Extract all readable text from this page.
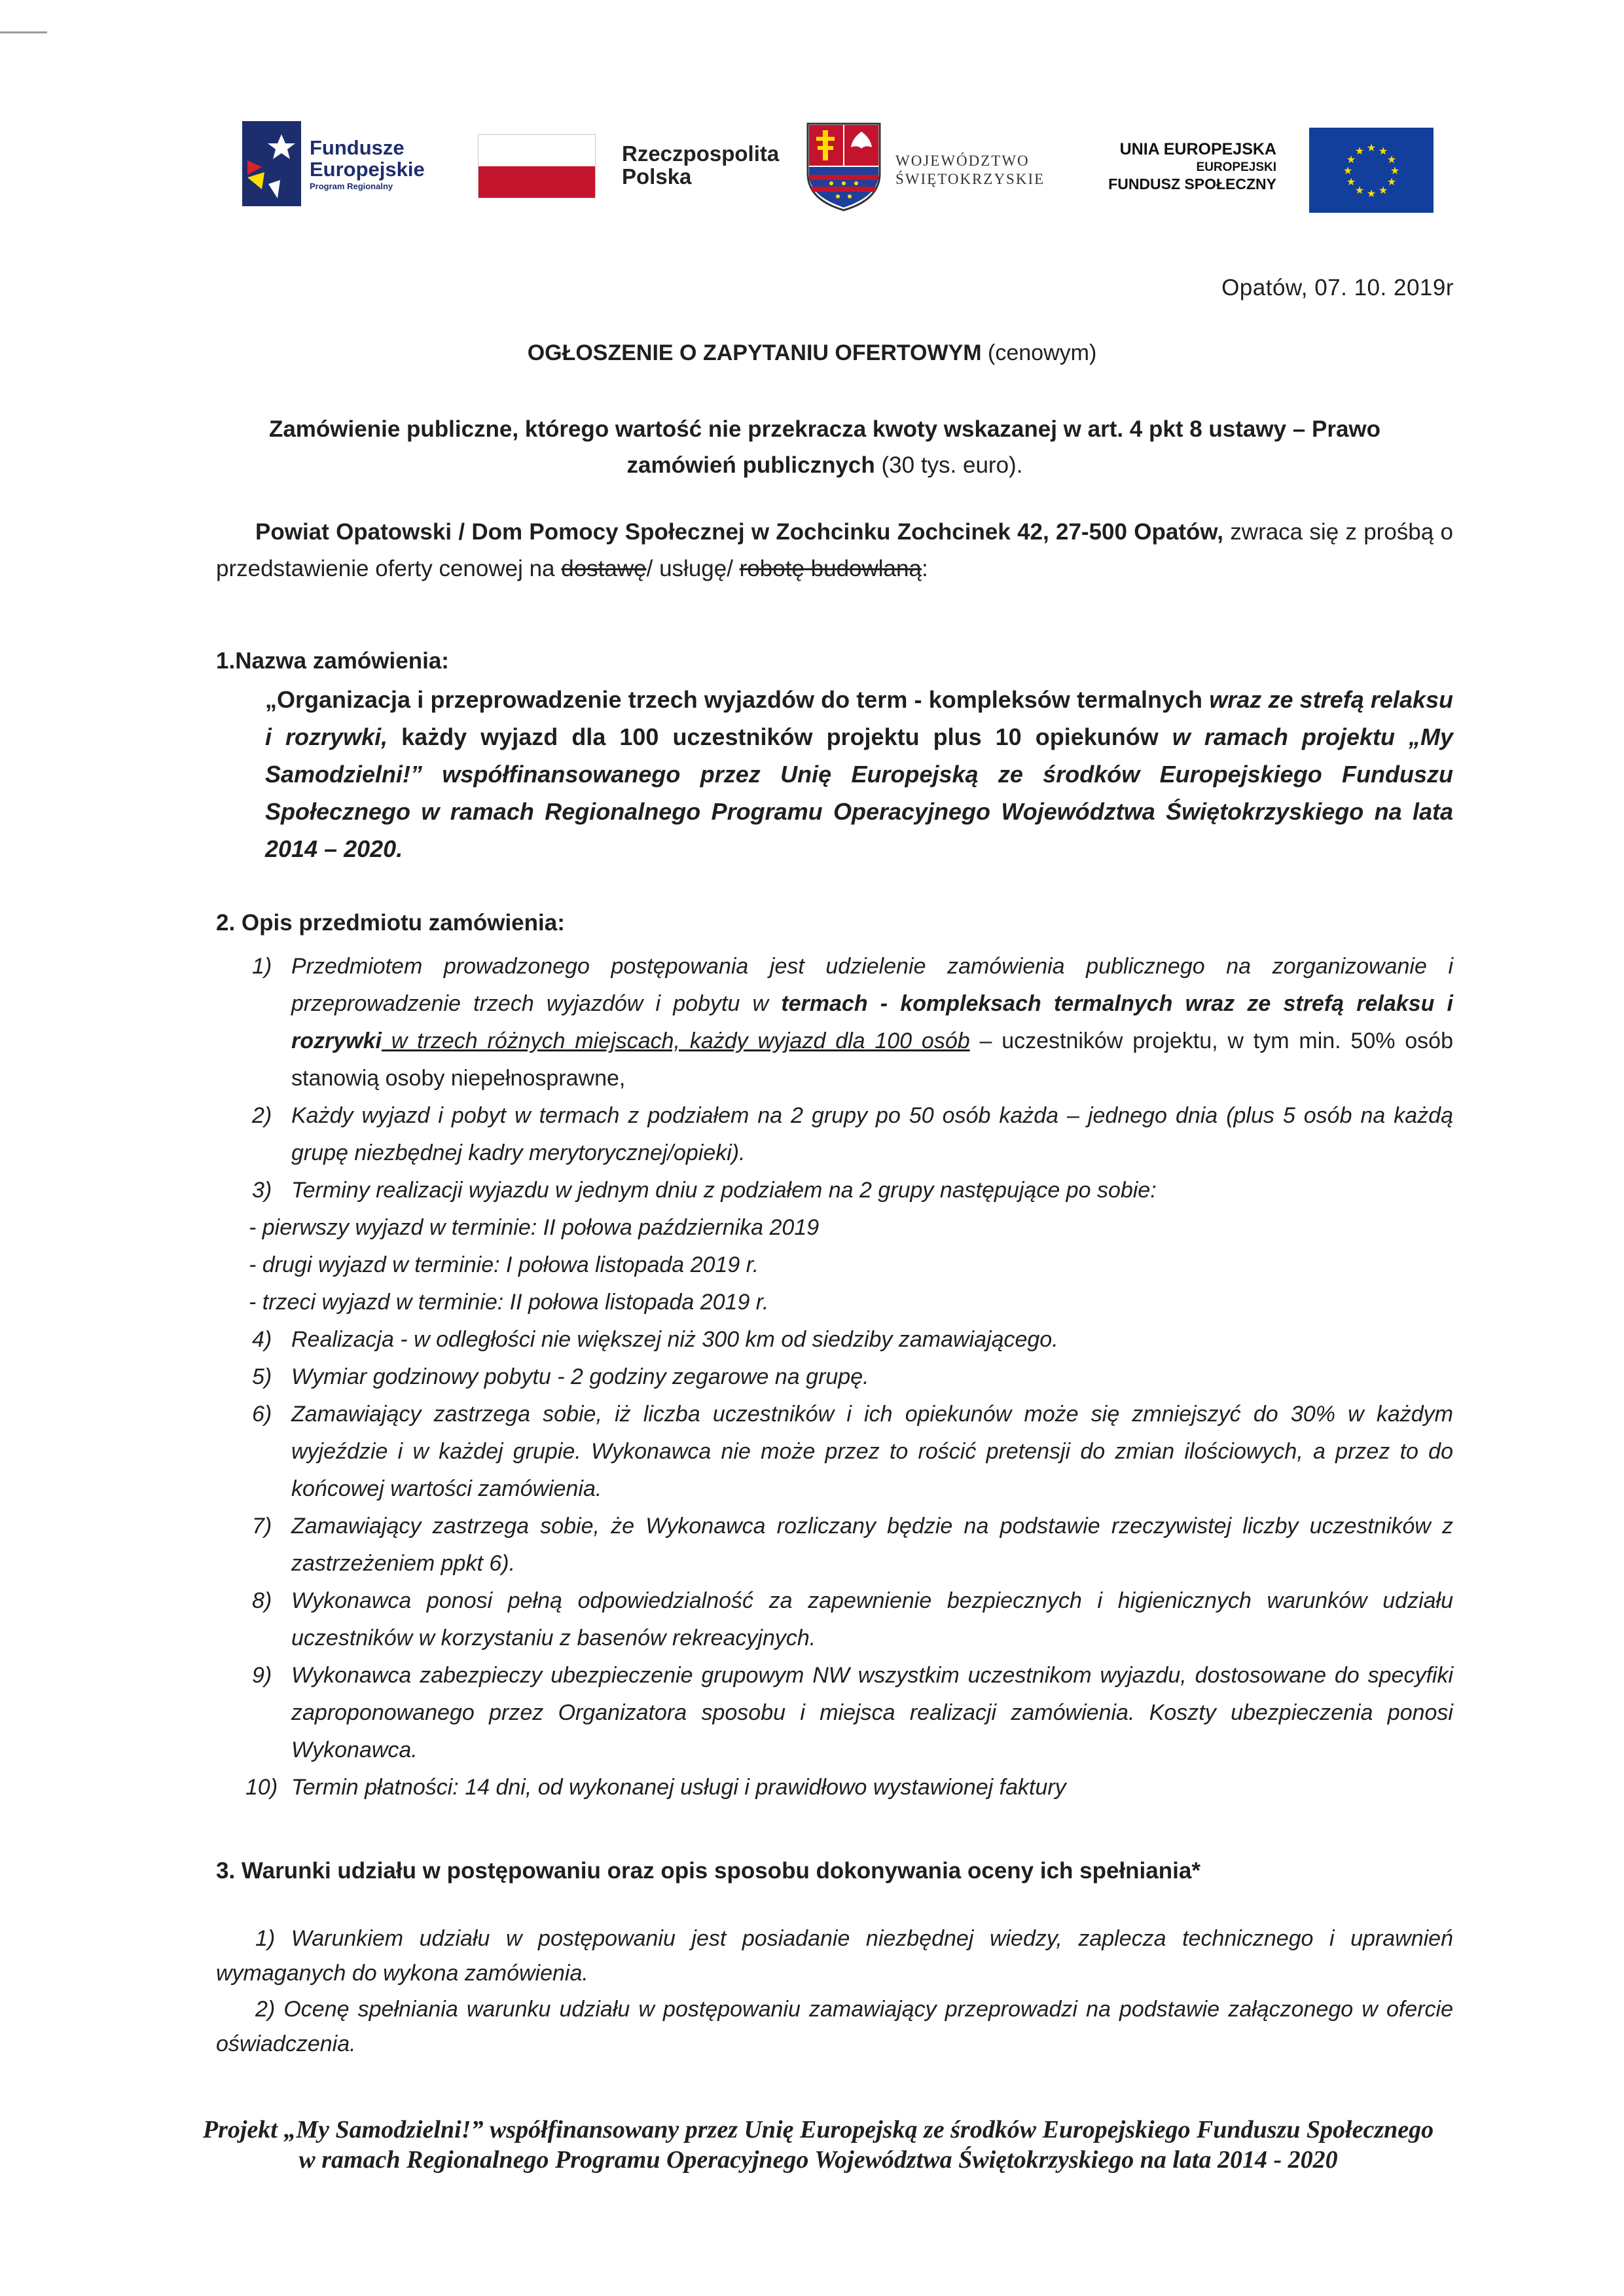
Fundusze
Europejskie
Program Regionalny
Rzeczpospolita
Polska
WOJEWÓDZTWO
ŚWIĘTOKRZYSKIE
UNIA EUROPEJSKA
EUROPEJSKI
FUNDUSZ SPOŁECZNY
★ ★
★
★
★
★
★
★
★
★
★
★
Opatów, 07. 10. 2019r
OGŁOSZENIE O ZAPYTANIU OFERTOWYM (cenowym)
Zamówienie publiczne, którego wartość nie przekracza kwoty wskazanej w art. 4 pkt 8 ustawy – Prawo
zamówień publicznych (30 tys. euro).
Powiat Opatowski / Dom Pomocy Społecznej w Zochcinku Zochcinek 42, 27-500 Opatów, zwraca się z prośbą o przedstawienie oferty cenowej na dostawę/ usługę/ robotę budowlaną:
1.Nazwa zamówienia:
„Organizacja i przeprowadzenie trzech wyjazdów do term - kompleksów termalnych wraz ze strefą relaksu i rozrywki, każdy wyjazd dla 100 uczestników projektu plus 10 opiekunów w ramach projektu „My Samodzielni!” współfinansowanego przez Unię Europejską ze środków Europejskiego Funduszu Społecznego w ramach Regionalnego Programu Operacyjnego Województwa Świętokrzyskiego na lata 2014 – 2020.
2. Opis przedmiotu zamówienia:
1) Przedmiotem prowadzonego postępowania jest udzielenie zamówienia publicznego na zorganizowanie i przeprowadzenie trzech wyjazdów i pobytu w termach - kompleksach termalnych wraz ze strefą relaksu i rozrywki w trzech różnych miejscach, każdy wyjazd dla 100 osób – uczestników projektu, w tym min. 50% osób stanowią osoby niepełnosprawne,
2) Każdy wyjazd i pobyt w termach z podziałem na 2 grupy po 50 osób każda – jednego dnia (plus 5 osób na każdą grupę niezbędnej kadry merytorycznej/opieki).
3) Terminy realizacji wyjazdu w jednym dniu z podziałem na 2 grupy następujące po sobie:
- pierwszy wyjazd w terminie: II połowa października 2019
- drugi wyjazd w terminie: I połowa listopada 2019 r.
- trzeci wyjazd w terminie: II połowa listopada 2019 r.
4) Realizacja - w odległości nie większej niż 300 km od siedziby zamawiającego.
5) Wymiar godzinowy pobytu - 2 godziny zegarowe na grupę.
6) Zamawiający zastrzega sobie, iż liczba uczestników i ich opiekunów może się zmniejszyć do 30% w każdym wyjeździe i w każdej grupie. Wykonawca nie może przez to rościć pretensji do zmian ilościowych, a przez to do końcowej wartości zamówienia.
7) Zamawiający zastrzega sobie, że Wykonawca rozliczany będzie na podstawie rzeczywistej liczby uczestników z zastrzeżeniem ppkt 6).
8) Wykonawca ponosi pełną odpowiedzialność za zapewnienie bezpiecznych i higienicznych warunków udziału uczestników w korzystaniu z basenów rekreacyjnych.
9) Wykonawca zabezpieczy ubezpieczenie grupowym NW wszystkim uczestnikom wyjazdu, dostosowane do specyfiki zaproponowanego przez Organizatora sposobu i miejsca realizacji zamówienia. Koszty ubezpieczenia ponosi Wykonawca.
10) Termin płatności: 14 dni, od wykonanej usługi i prawidłowo wystawionej faktury
3. Warunki udziału w postępowaniu oraz opis sposobu dokonywania oceny ich spełniania*

1) Warunkiem udziału w postępowaniu jest posiadanie niezbędnej wiedzy, zaplecza technicznego i uprawnień wymaganych do wykona zamówienia.

2) Ocenę spełniania warunku udziału w postępowaniu zamawiający przeprowadzi na podstawie załączonego w ofercie oświadczenia.

Projekt „My Samodzielni!” współfinansowany przez Unię Europejską ze środków Europejskiego Funduszu Społecznego w ramach Regionalnego Programu Operacyjnego Województwa Świętokrzyskiego na lata 2014 - 2020
